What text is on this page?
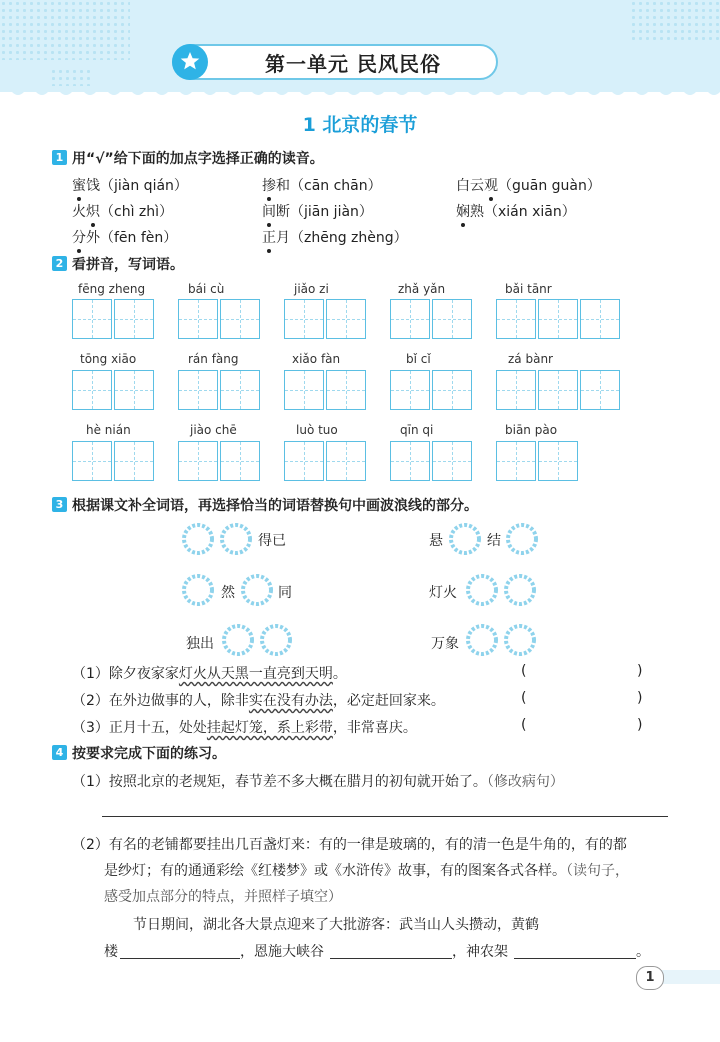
第一单元 民风民俗
1 北京的春节
1 用“√”给下面的加点字选择正确的读音。
蜜饯（jiàn qián）	掺和（cān chān）	白云观（guān guàn）
火炽（chì zhì）	间断（jiān jiàn）	娴熟（xián xiān）
分外（fēn fèn）	正月（zhēng zhèng）
2 看拼音，写词语。
fēng zheng	bái cù	jiǎo zi	zhǎ yǎn	bǎi tānr
tōng xiāo	rán fàng	xiǎo fàn	bǐ cǐ	zá bànr
hè nián	jiào chē	luò tuo	qīn qi	biān pào
3 根据课文补全词语，再选择恰当的词语替换句中画波浪线的部分。
得已	悬	结
然	同	灯火
独出	万象
（1）除夕夜家家灯火从天黑一直亮到天明。	(	)
（2）在外边做事的人，除非实在没有办法，必定赶回家来。	(	)
（3）正月十五，处处挂起灯笼，系上彩带，非常喜庆。	(	)
4 按要求完成下面的练习。
（1）按照北京的老规矩，春节差不多大概在腊月的初旬就开始了。（修改病句）
（2）有名的老铺都要挂出几百盏灯来：有的一律是玻璃的，有的清一色是牛角的，有的都
是纱灯；有的通通彩绘《红楼梦》或《水浒传》故事，有的图案各式各样。（读句子，
感受加点部分的特点，并照样子填空）
节日期间，湖北各大景点迎来了大批游客：武当山人头攒动，黄鹤
楼	，恩施大峡谷	，神农架	。
1
